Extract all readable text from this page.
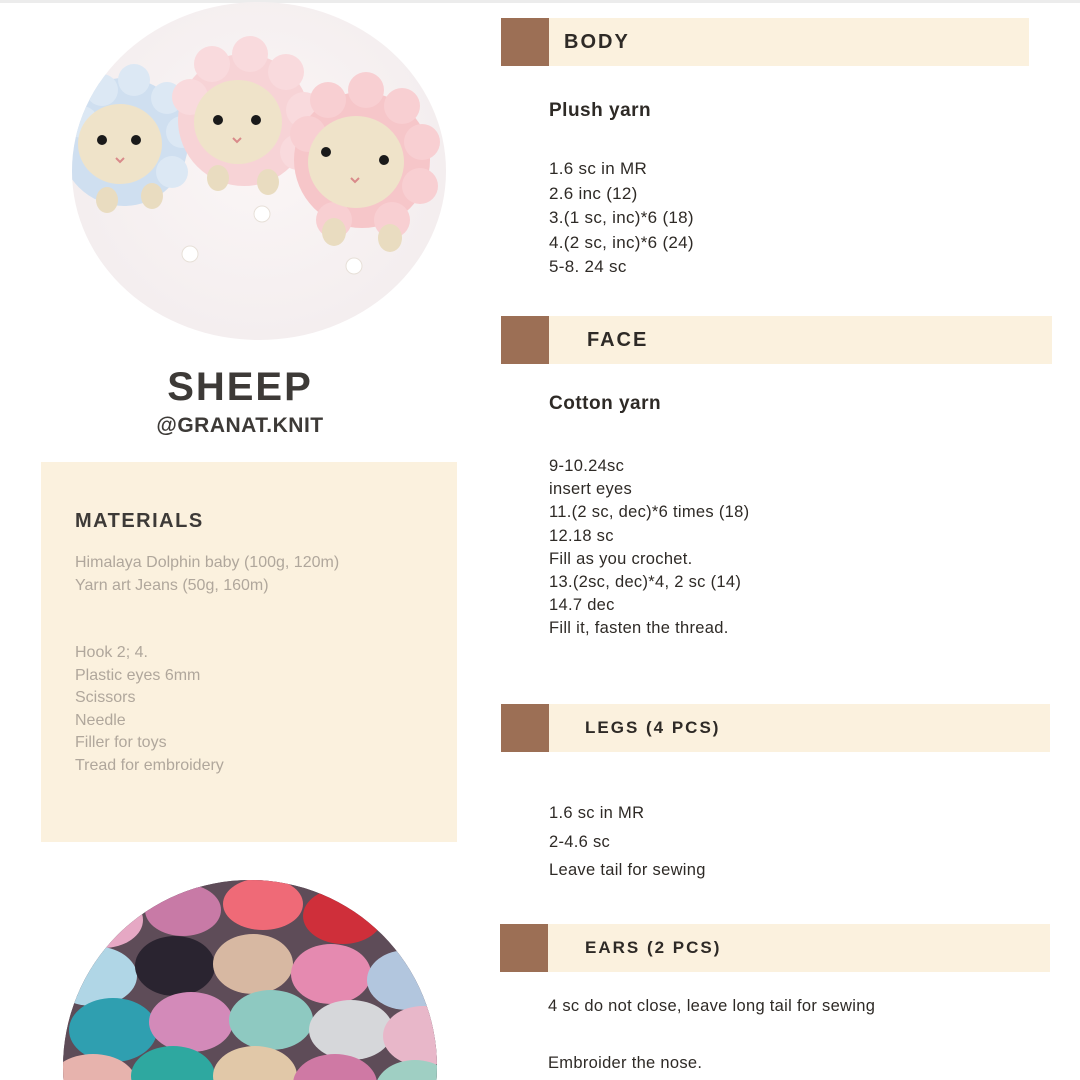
SHEEP
@GRANAT.KNIT
MATERIALS
Himalaya Dolphin baby (100g, 120m)
Yarn art Jeans (50g, 160m)
Hook 2; 4.
Plastic eyes 6mm
Scissors
Needle
Filler for toys
Tread for embroidery
BODY
Plush yarn
1.6 sc in MR
2.6 inc (12)
3.(1 sc, inc)*6 (18)
4.(2 sc, inc)*6 (24)
5-8. 24 sc
FACE
Cotton yarn
9-10.24sc
insert eyes
11.(2 sc, dec)*6 times (18)
12.18 sc
Fill as you crochet.
13.(2sc, dec)*4, 2 sc (14)
14.7 dec
Fill it, fasten the thread.
LEGS (4 PCS)
1.6 sc in MR
2-4.6 sc
Leave tail for sewing
EARS (2 PCS)
4 sc do not close, leave long tail for sewing
Embroider the nose.
